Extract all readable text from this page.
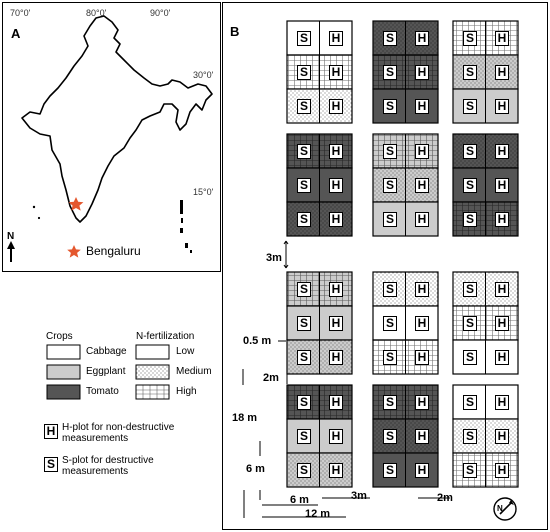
A
70°0'	80°0'	90°0'
30°0'
15°0'
N
Bengaluru
B	S H
S H
S H
S H
S H
S H
S H
S H
S H
S H
S H
S H
S H
S H
S H
S H
S H
S H
S H
S H
S H
S H
S H
S H
S H
S H
S H
S H
S H
S H
S H
S H
S H
S H
S H
S H
Crops
Cabbage
Eggplant
Tomato
N-fertilization
Low
Medium
High
H H-plot for non-destructive
measurements
S S-plot for destructive
measurements
3m
0.5 m
2m
18 m
6 m
6 m
12 m
3m	2m
N
